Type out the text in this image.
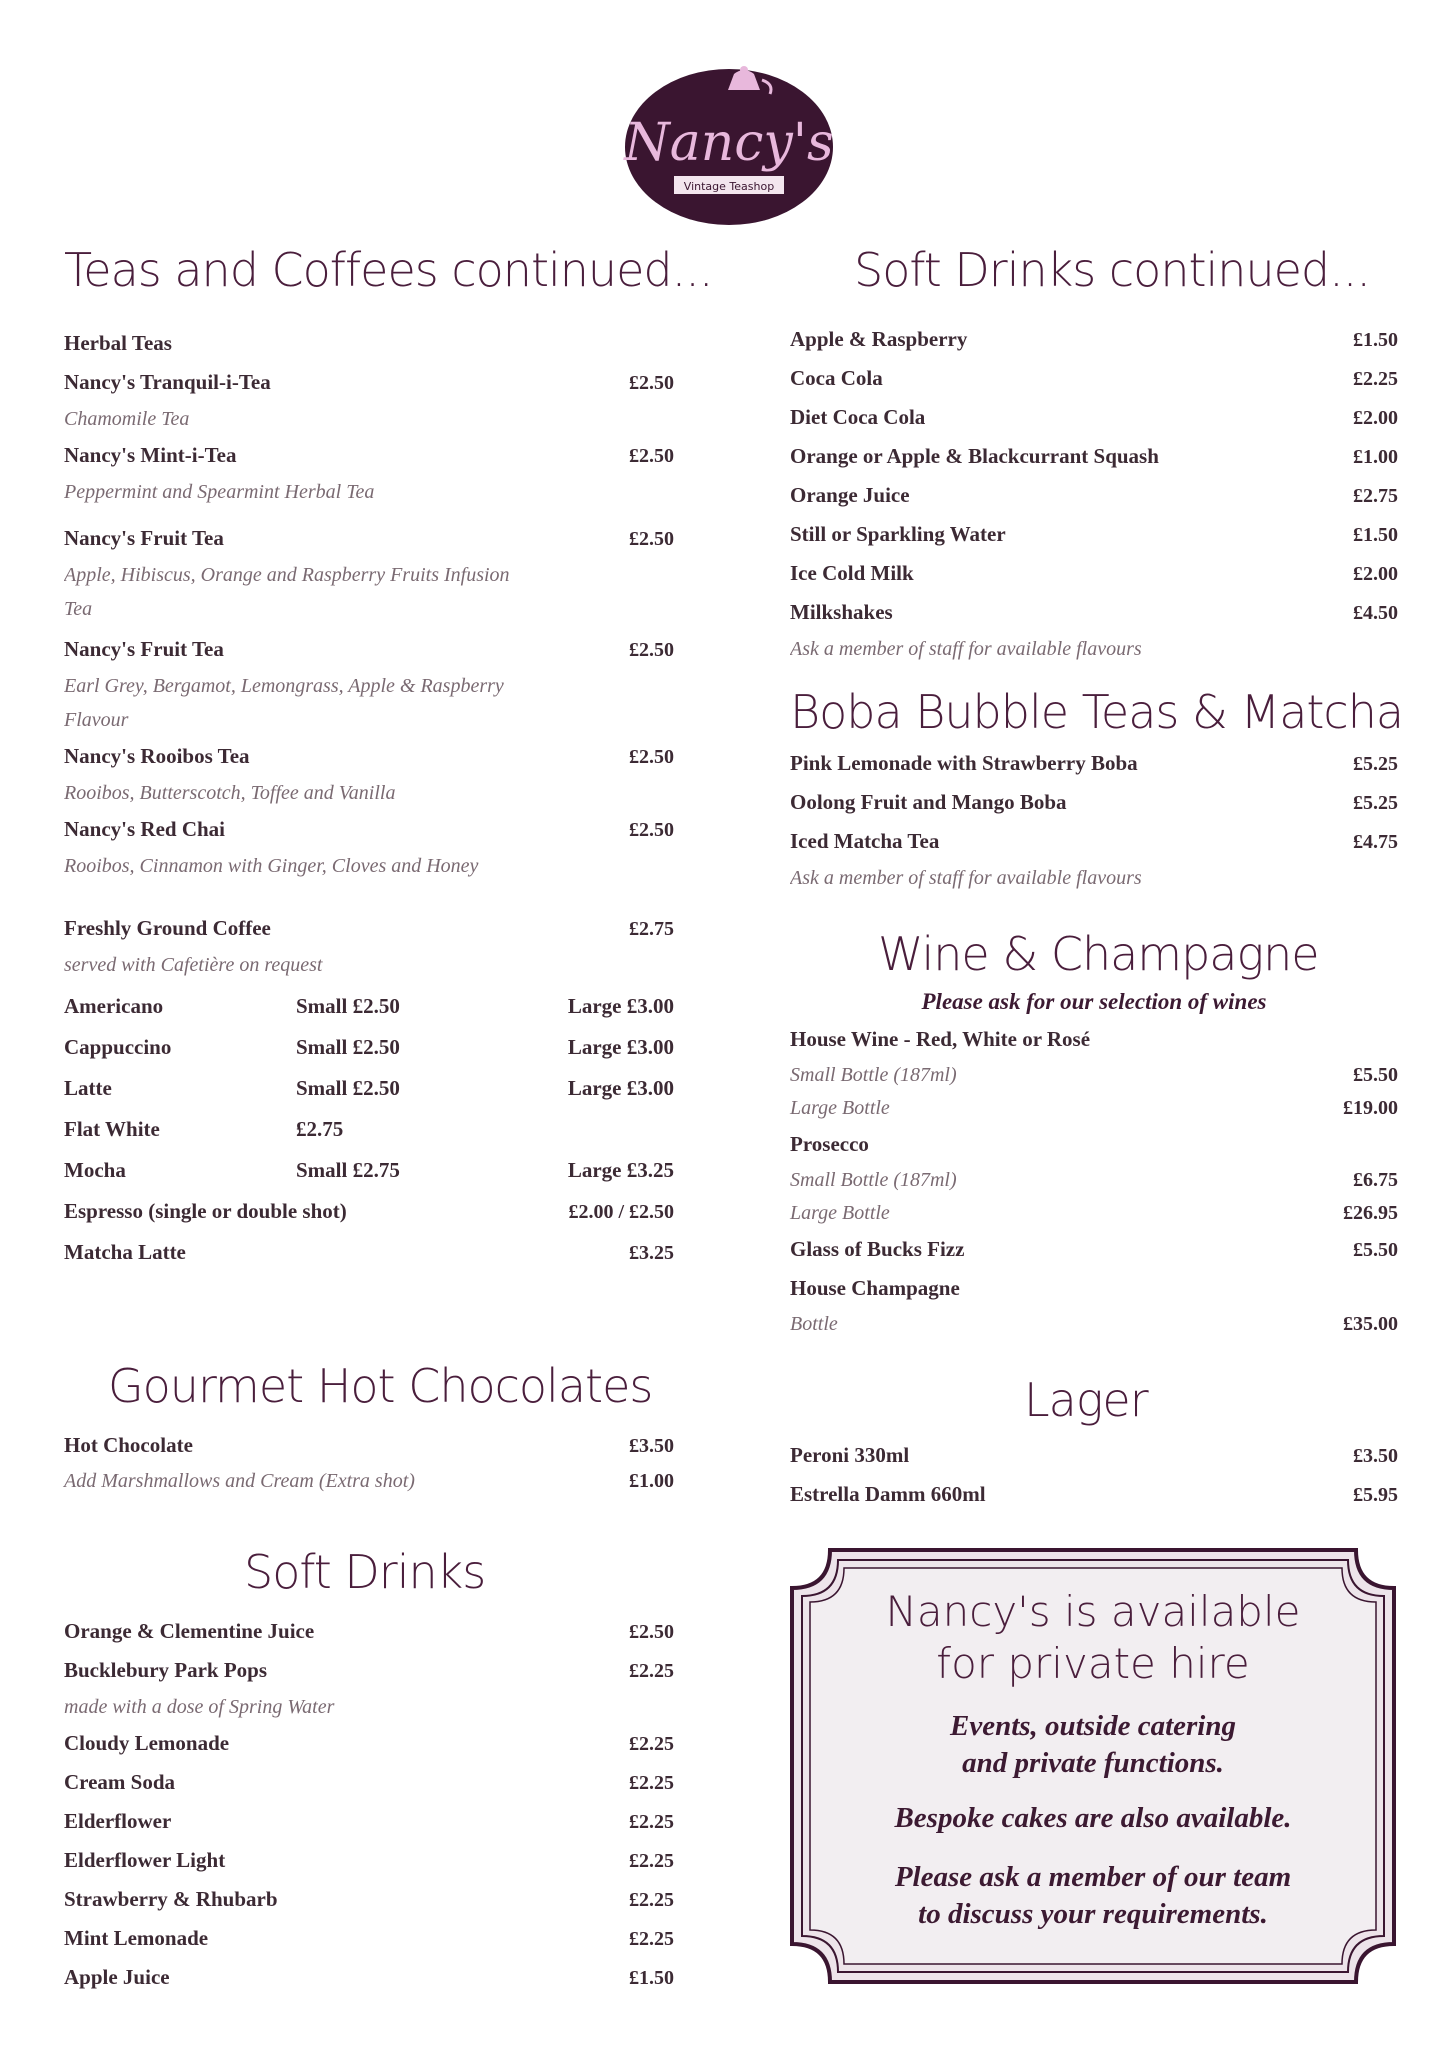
Nancy's
Vintage Teashop
Teas and Coffees continued...
Herbal Teas
Nancy's Tranquil-i-Tea	£2.50
Chamomile Tea
Nancy's Mint-i-Tea	£2.50
Peppermint and Spearmint Herbal Tea
Nancy's Fruit Tea	£2.50
Apple, Hibiscus, Orange and Raspberry Fruits Infusion
Tea
Nancy's Fruit Tea	£2.50
Earl Grey, Bergamot, Lemongrass, Apple & Raspberry
Flavour
Nancy's Rooibos Tea	£2.50
Rooibos, Butterscotch, Toffee and Vanilla
Nancy's Red Chai	£2.50
Rooibos, Cinnamon with Ginger, Cloves and Honey
Freshly Ground Coffee	£2.75
served with Cafetière on request
Americano	Small £2.50	Large £3.00
Cappuccino	Small £2.50	Large £3.00
Latte	Small £2.50	Large £3.00
Flat White	£2.75
Mocha	Small £2.75	Large £3.25
Espresso (single or double shot)	£2.00 / £2.50
Matcha Latte	£3.25
Gourmet Hot Chocolates
Hot Chocolate	£3.50
Add Marshmallows and Cream (Extra shot)	£1.00
Soft Drinks
Orange & Clementine Juice	£2.50
Bucklebury Park Pops	£2.25
made with a dose of Spring Water
Cloudy Lemonade	£2.25
Cream Soda	£2.25
Elderflower	£2.25
Elderflower Light	£2.25
Strawberry & Rhubarb	£2.25
Mint Lemonade	£2.25
Apple Juice	£1.50
Soft Drinks continued...
Apple & Raspberry	£1.50
Coca Cola	£2.25
Diet Coca Cola	£2.00
Orange or Apple & Blackcurrant Squash	£1.00
Orange Juice	£2.75
Still or Sparkling Water	£1.50
Ice Cold Milk	£2.00
Milkshakes	£4.50
Ask a member of staff for available flavours
Boba Bubble Teas & Matcha
Pink Lemonade with Strawberry Boba	£5.25
Oolong Fruit and Mango Boba	£5.25
Iced Matcha Tea	£4.75
Ask a member of staff for available flavours
Wine & Champagne
Please ask for our selection of wines
House Wine - Red, White or Rosé
Small Bottle (187ml)	£5.50
Large Bottle	£19.00
Prosecco
Small Bottle (187ml)	£6.75
Large Bottle	£26.95
Glass of Bucks Fizz	£5.50
House Champagne
Bottle	£35.00
Lager
Peroni 330ml	£3.50
Estrella Damm 660ml	£5.95
Nancy's is available
for private hire
Events, outside catering
and private functions.
Bespoke cakes are also available.
Please ask a member of our team
to discuss your requirements.
